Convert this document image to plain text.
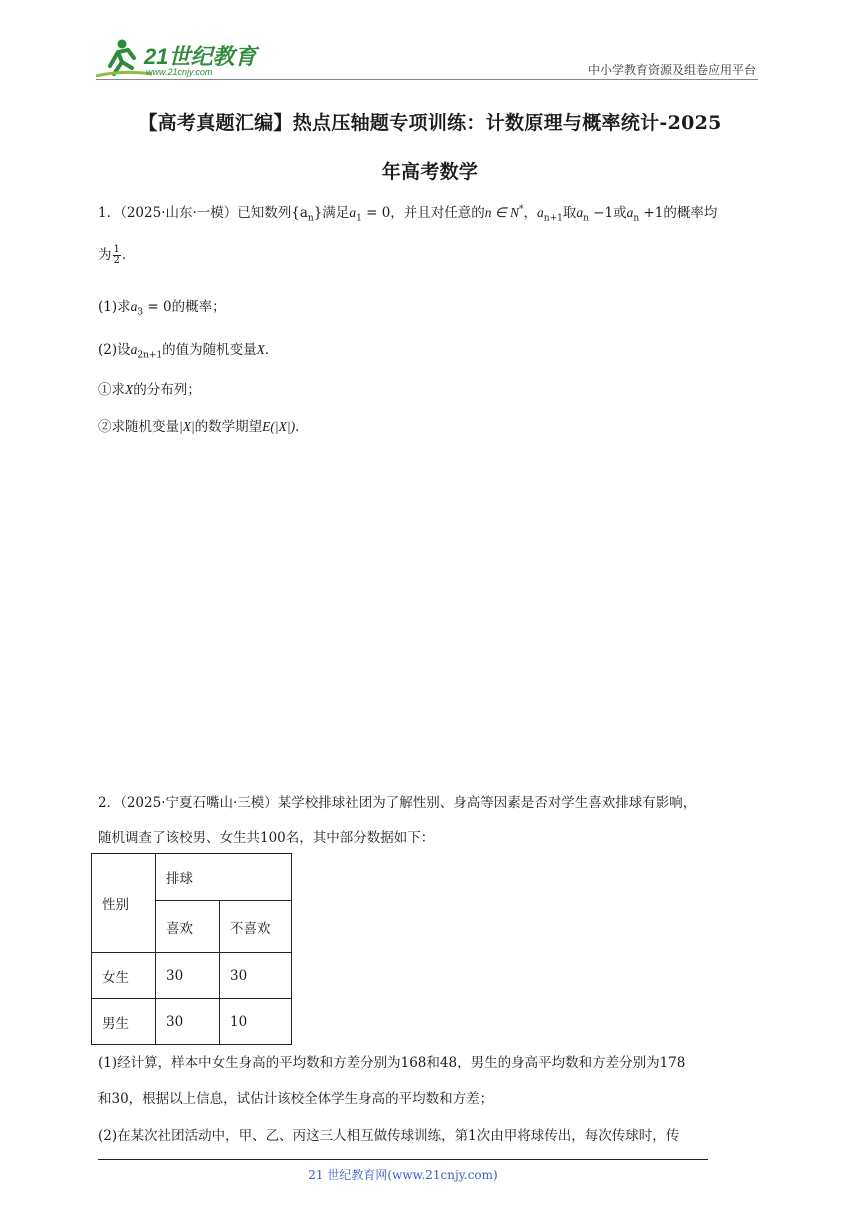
21世纪教育
www.21cnjy.com	中小学教育资源及组卷应用平台
【高考真题汇编】热点压轴题专项训练：计数原理与概率统计-2025
年高考数学
1．（2025·山东·一模）已知数列$\{a_n\}$满足$a_1 = 0$，并且对任意的n ∈ N*，$a_{n+1}$取$a_n -1$或$a_n +1$的概率均
为 $\frac{1}{2}$ ．
(1)求$a_3 = 0$的概率；
(2)设$a_{2n+1}$的值为随机变量X．
①求X的分布列；
②求随机变量|X|的数学期望E(|X|)．
2．（2025·宁夏石嘴山·三模）某学校排球社团为了解性别、身高等因素是否对学生喜欢排球有影响，
随机调查了该校男、女生共100名，其中部分数据如下：
性别	排球	
	喜欢	不喜欢
女生	30	30
男生	30	10
(1)经计算，样本中女生身高的平均数和方差分别为168和48，男生的身高平均数和方差分别为178
和30，根据以上信息，试估计该校全体学生身高的平均数和方差；
(2)在某次社团活动中，甲、乙、丙这三人相互做传球训练，第1次由甲将球传出，每次传球时，传
21 世纪教育网(www.21cnjy.com)
